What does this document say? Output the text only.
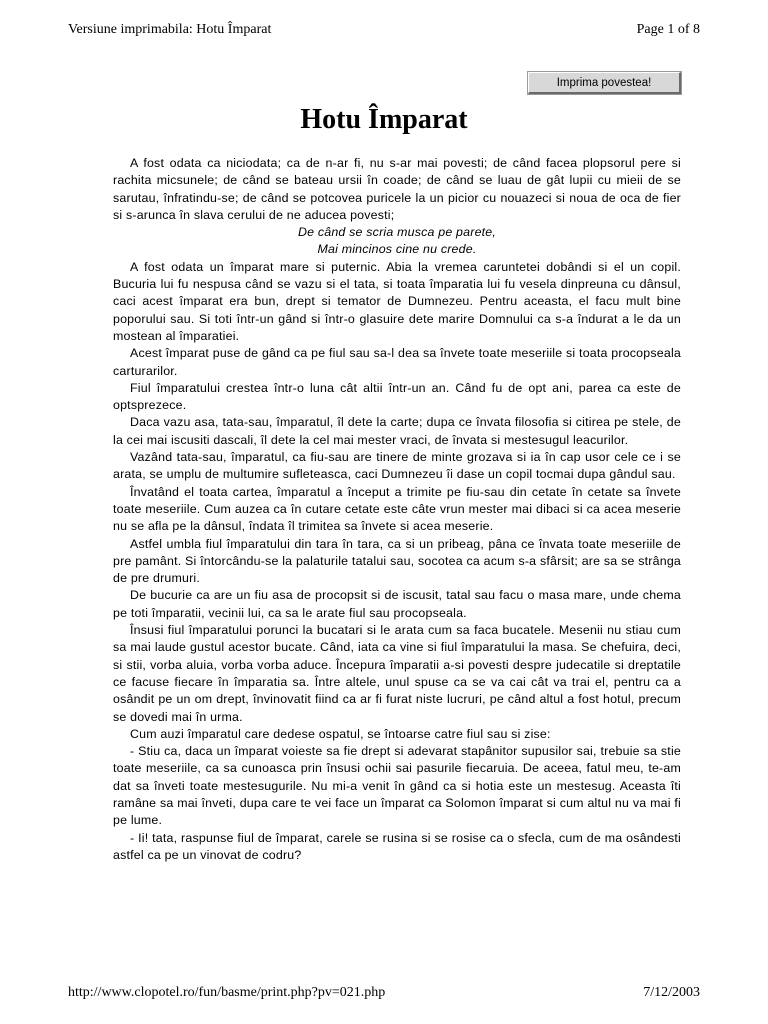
Versiune imprimabila: Hotu Împarat	Page 1 of 8
Imprima povestea!
Hotu Împarat

A fost odata ca niciodata; ca de n-ar fi, nu s-ar mai povesti; de când facea plopsorul pere si rachita micsunele; de când se bateau ursii în coade; de când se luau de gât lupii cu mieii de se sarutau, înfratindu-se; de când se potcovea puricele la un picior cu nouazeci si noua de oca de fier si s-arunca în slava cerului de ne aducea povesti;

De când se scria musca pe parete,

Mai mincinos cine nu crede.

A fost odata un împarat mare si puternic. Abia la vremea caruntetei dobândi si el un copil. Bucuria lui fu nespusa când se vazu si el tata, si toata împaratia lui fu vesela dinpreuna cu dânsul, caci acest împarat era bun, drept si temator de Dumnezeu. Pentru aceasta, el facu mult bine poporului sau. Si toti într-un gând si într-o glasuire dete marire Domnului ca s-a îndurat a le da un mostean al împaratiei.

Acest împarat puse de gând ca pe fiul sau sa-l dea sa învete toate meseriile si toata procopseala carturarilor.

Fiul împaratului crestea într-o luna cât altii într-un an. Când fu de opt ani, parea ca este de optsprezece.

Daca vazu asa, tata-sau, împaratul, îl dete la carte; dupa ce învata filosofia si citirea pe stele, de la cei mai iscusiti dascali, îl dete la cel mai mester vraci, de învata si mestesugul leacurilor.

Vazând tata-sau, împaratul, ca fiu-sau are tinere de minte grozava si ia în cap usor cele ce i se arata, se umplu de multumire sufleteasca, caci Dumnezeu îi dase un copil tocmai dupa gândul sau.

Învatând el toata cartea, împaratul a început a trimite pe fiu-sau din cetate în cetate sa învete toate meseriile. Cum auzea ca în cutare cetate este câte vrun mester mai dibaci si ca acea meserie nu se afla pe la dânsul, îndata îl trimitea sa învete si acea meserie.

Astfel umbla fiul împaratului din tara în tara, ca si un pribeag, pâna ce învata toate meseriile de pre pamânt. Si întorcându-se la palaturile tatalui sau, socotea ca acum s-a sfârsit; are sa se strânga de pre drumuri.

De bucurie ca are un fiu asa de procopsit si de iscusit, tatal sau facu o masa mare, unde chema pe toti împaratii, vecinii lui, ca sa le arate fiul sau procopseala.

Însusi fiul împaratului porunci la bucatari si le arata cum sa faca bucatele. Mesenii nu stiau cum sa mai laude gustul acestor bucate. Când, iata ca vine si fiul împaratului la masa. Se chefuira, deci, si stii, vorba aluia, vorba vorba aduce. Începura împaratii a-si povesti despre judecatile si dreptatile ce facuse fiecare în împaratia sa. Între altele, unul spuse ca se va cai cât va trai el, pentru ca a osândit pe un om drept, învinovatit fiind ca ar fi furat niste lucruri, pe când altul a fost hotul, precum se dovedi mai în urma.

Cum auzi împaratul care dedese ospatul, se întoarse catre fiul sau si zise:

- Stiu ca, daca un împarat voieste sa fie drept si adevarat stapânitor supusilor sai, trebuie sa stie toate meseriile, ca sa cunoasca prin însusi ochii sai pasurile fiecaruia. De aceea, fatul meu, te-am dat sa înveti toate mestesugurile. Nu mi-a venit în gând ca si hotia este un mestesug. Aceasta îti ramâne sa mai înveti, dupa care te vei face un împarat ca Solomon împarat si cum altul nu va mai fi pe lume.

- Ii! tata, raspunse fiul de împarat, carele se rusina si se rosise ca o sfecla, cum de ma osândesti astfel ca pe un vinovat de codru?

http://www.clopotel.ro/fun/basme/print.php?pv=021.php	7/12/2003
